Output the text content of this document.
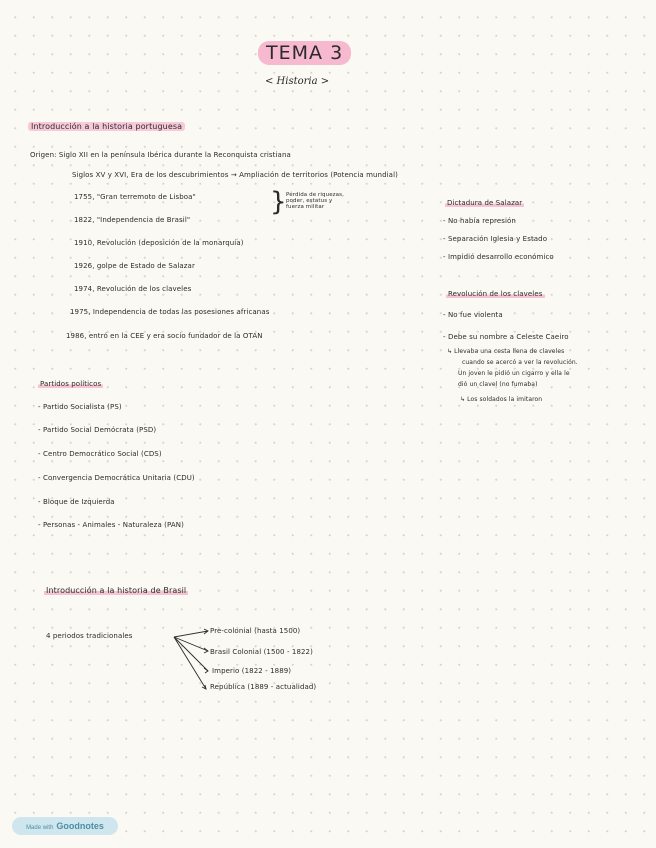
TEMA 3
< Historia >
Introducción a la historia portuguesa
Origen: Siglo XII en la península Ibérica durante la Reconquista cristiana
Siglos XV y XVI, Era de los descubrimientos → Ampliación de territorios (Potencia mundial)
1755, "Gran terremoto de Lisboa"
1822, "Independencia de Brasil"
} Pérdida de riquezas, poder, estatus y fuerza militar
1910, Revolución (deposición de la monarquía)
1926, golpe de Estado de Salazar
1974, Revolución de los claveles
1975, Independencia de todas las posesiones africanas
1986, entró en la CEE y era socio fundador de la OTAN
Dictadura de Salazar
- No había represión
- Separación Iglesia y Estado
- Impidió desarrollo económico
Revolución de los claveles
- No fue violenta
- Debe su nombre a Celeste Caeiro
↳ Llevaba una cesta llena de claveles
cuando se acercó a ver la revolución.
Un joven le pidió un cigarro y ella le
dió un clavel (no fumaba)
↳ Los soldados la imitaron
Partidos políticos
- Partido Socialista (PS)
- Partido Social Demócrata (PSD)
- Centro Democrático Social (CDS)
- Convergencia Democrática Unitaria (CDU)
- Bloque de Izquierda
- Personas - Animales - Naturaleza (PAN)
Introducción a la historia de Brasil
4 periodos tradicionales
Pre-colonial (hasta 1500)
Brasil Colonial (1500 - 1822)
Imperio (1822 - 1889)
República (1889 - actualidad)
Made with Goodnotes
